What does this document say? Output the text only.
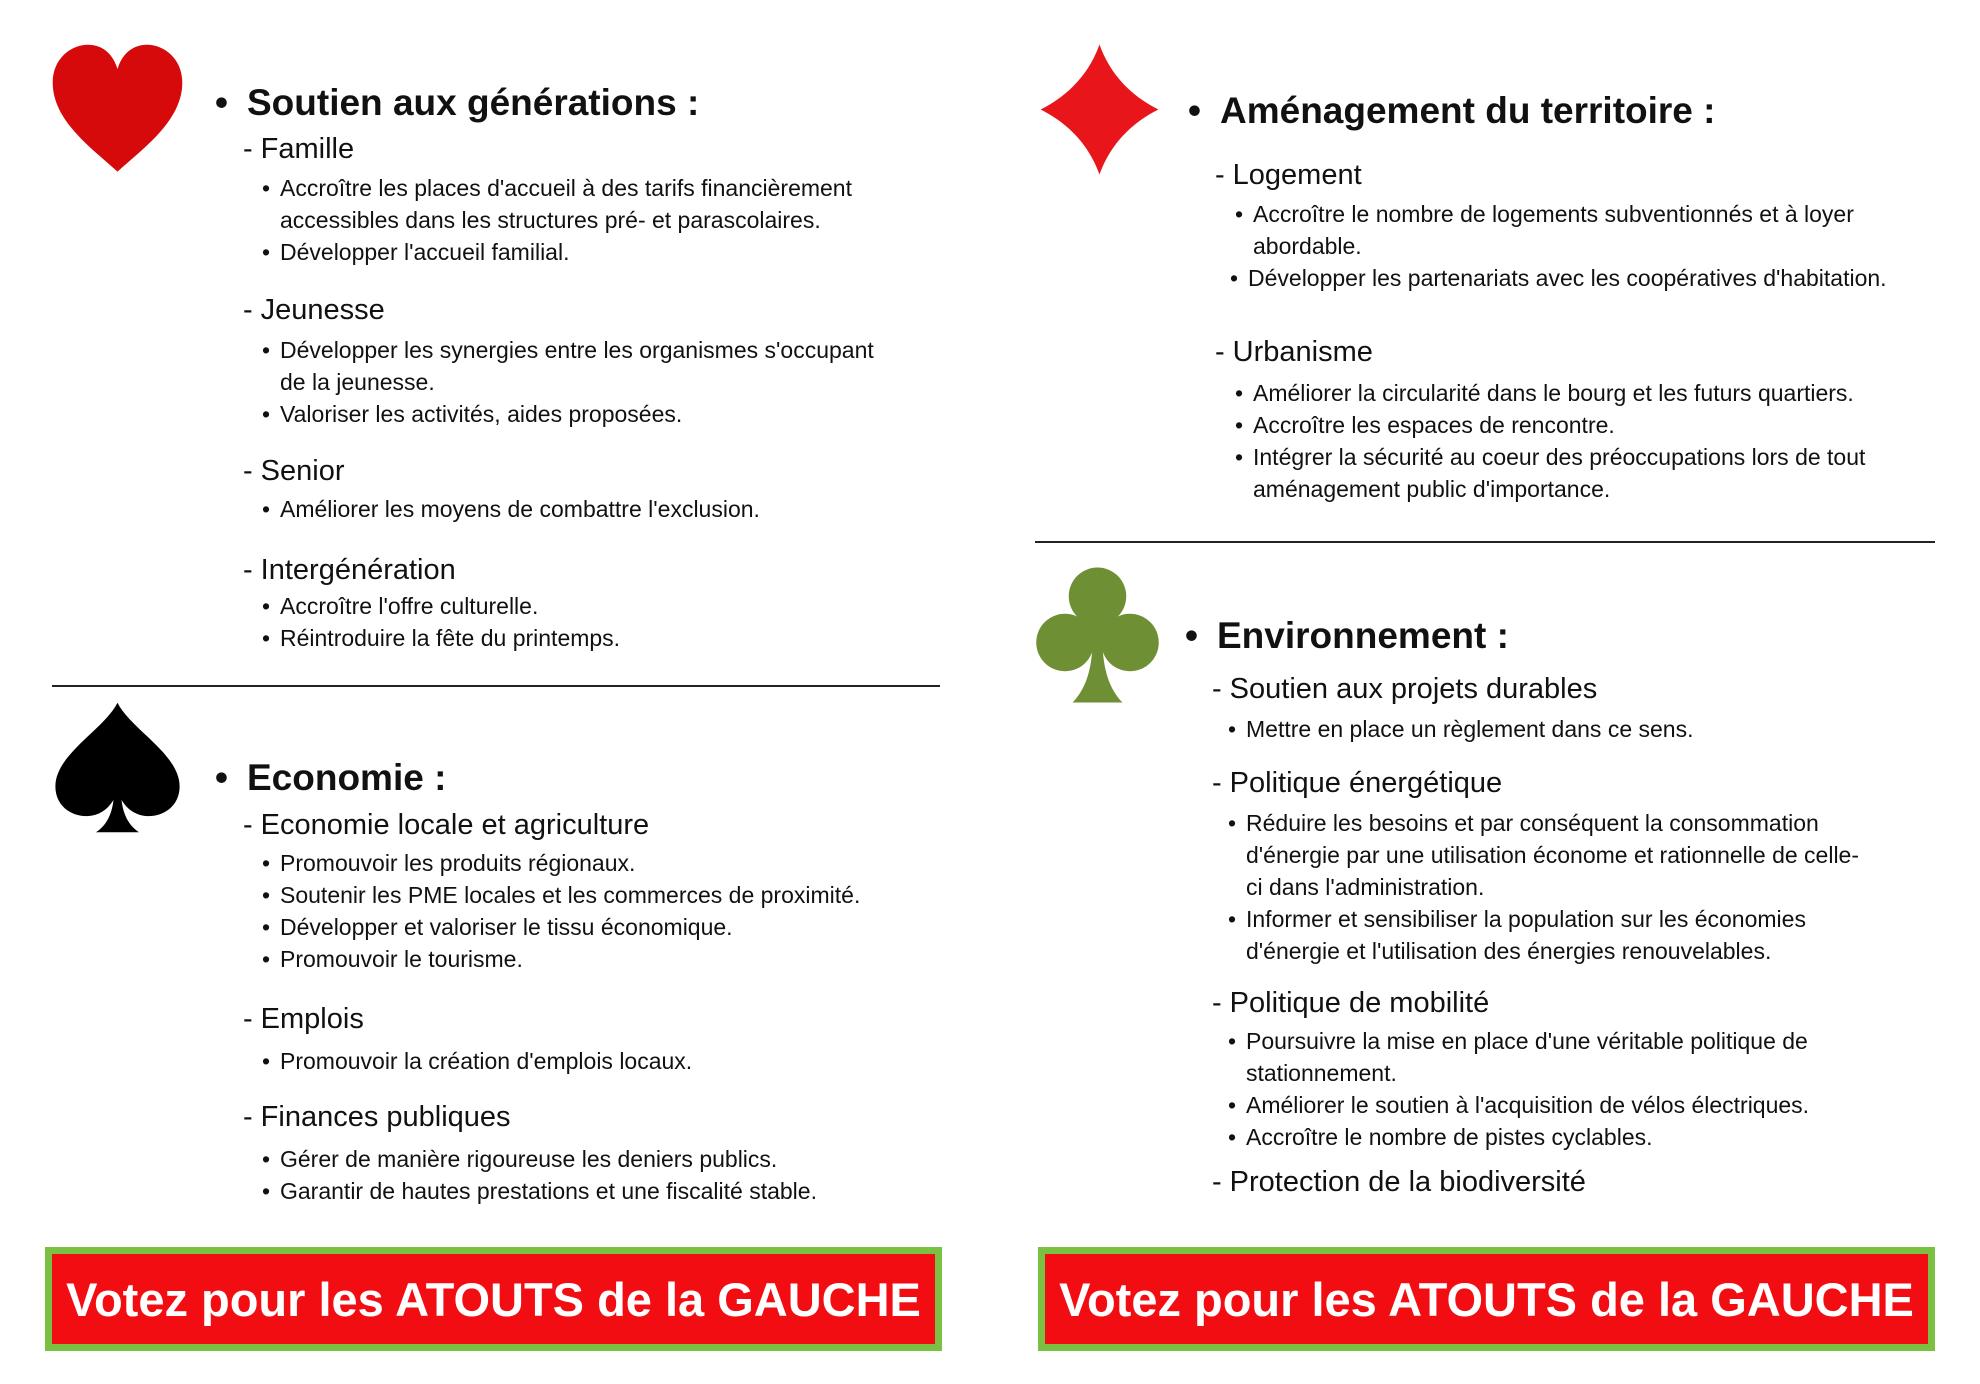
• Soutien aux générations :
- Famille
• Accroître les places d'accueil à des tarifs financièrement accessibles dans les structures pré- et parascolaires.
• Développer l'accueil familial.
- Jeunesse
• Développer les synergies entre les organismes s'occupant de la jeunesse.
• Valoriser les activités, aides proposées.
- Senior
• Améliorer les moyens de combattre l'exclusion.
- Intergénération
• Accroître l'offre culturelle.
• Réintroduire la fête du printemps.
• Economie :
- Economie locale et agriculture
• Promouvoir les produits régionaux.
• Soutenir les PME locales et les commerces de proximité.
• Développer et valoriser le tissu économique.
• Promouvoir le tourisme.
- Emplois
• Promouvoir la création d'emplois locaux.
- Finances publiques
• Gérer de manière rigoureuse les deniers publics.
• Garantir de hautes prestations et une fiscalité stable.
Votez pour les ATOUTS de la GAUCHE
• Aménagement du territoire :
- Logement
• Accroître le nombre de logements subventionnés et à loyer abordable.
• Développer les partenariats avec les coopératives d'habitation.
- Urbanisme
• Améliorer la circularité dans le bourg et les futurs quartiers.
• Accroître les espaces de rencontre.
• Intégrer la sécurité au coeur des préoccupations lors de tout aménagement public d'importance.
• Environnement :
- Soutien aux projets durables
• Mettre en place un règlement dans ce sens.
- Politique énergétique
• Réduire les besoins et par conséquent la consommation d'énergie par une utilisation économe et rationnelle de celle-ci dans l'administration.
• Informer et sensibiliser la population sur les économies d'énergie et l'utilisation des énergies renouvelables.
- Politique de mobilité
• Poursuivre la mise en place d'une véritable politique de stationnement.
• Améliorer le soutien à l'acquisition de vélos électriques.
• Accroître le nombre de pistes cyclables.
- Protection de la biodiversité
Votez pour les ATOUTS de la GAUCHE
